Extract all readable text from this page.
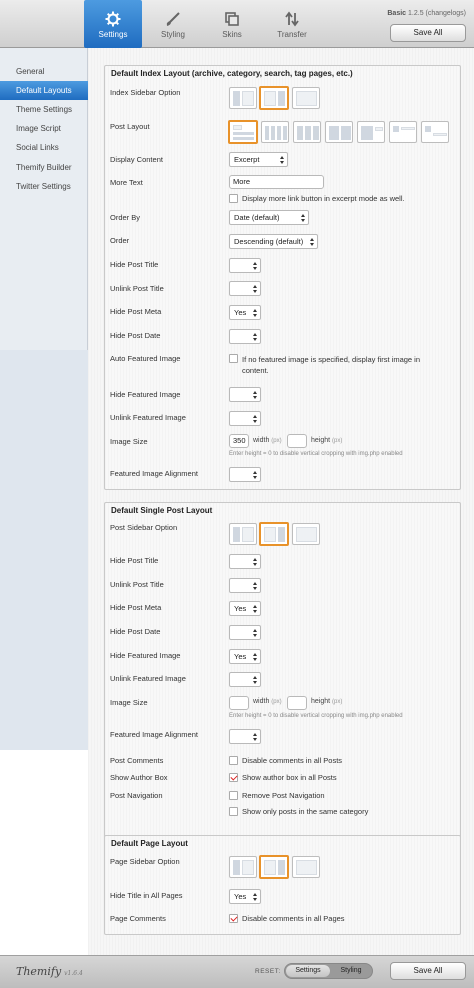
Settings	Styling	Skins	Transfer
Basic 1.2.5 (changelogs)
Save All
General
Default Layouts
Theme Settings
Image Script
Social Links
Themify Builder
Twitter Settings
Default Index Layout (archive, category, search, tag pages, etc.)
Index Sidebar Option
Post Layout
Display Content	Excerpt
More Text	More
Display more link button in excerpt mode as well.
Order By	Date (default)
Order	Descending (default)
Hide Post Title
Unlink Post Title
Hide Post Meta	Yes
Hide Post Date
Auto Featured Image	If no featured image is specified, display first image in content.
Hide Featured Image
Unlink Featured Image
Image Size	350	width (px)	height (px)
Enter height = 0 to disable vertical cropping with img.php enabled
Featured Image Alignment
Default Single Post Layout
Post Sidebar Option
Hide Post Title
Unlink Post Title
Hide Post Meta	Yes
Hide Post Date
Hide Featured Image	Yes
Unlink Featured Image
Image Size	width (px)	height (px)
Enter height = 0 to disable vertical cropping with img.php enabled
Featured Image Alignment
Post Comments	Disable comments in all Posts
Show Author Box	Show author box in all Posts
Post Navigation	Remove Post Navigation
Show only posts in the same category
Default Page Layout
Page Sidebar Option
Hide Title in All Pages	Yes
Page Comments	Disable comments in all Pages
Themify v1.6.4	RESET:	Settings	Styling	Save All
